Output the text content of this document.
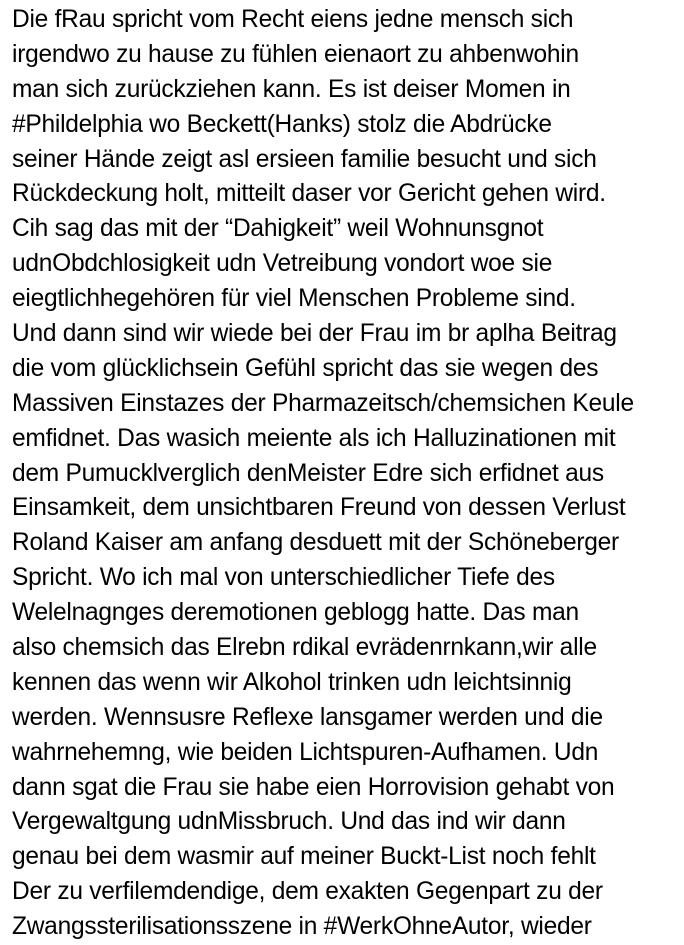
Die fRau spricht vom Recht eiens jedne mensch sich
irgendwo zu hause zu fühlen eienaort zu ahbenwohin
man sich zurückziehen kann. Es ist deiser Momen in
#Phildelphia wo Beckett(Hanks) stolz die Abdrücke
seiner Hände zeigt asl ersieen familie besucht und sich
Rückdeckung holt, mitteilt daser vor Gericht gehen wird.
Cih sag das mit der “Dahigkeit” weil Wohnunsgnot
udnObdchlosigkeit udn Vetreibung vondort woe sie
eiegtlichhegehören für viel Menschen Probleme sind.
Und dann sind wir wiede bei der Frau im br aplha Beitrag
die vom glücklichsein Gefühl spricht das sie wegen des
Massiven Einstazes der Pharmazeitsch/chemsichen Keule
emfidnet. Das wasich meiente als ich Halluzinationen mit
dem Pumucklverglich denMeister Edre sich erfidnet aus
Einsamkeit, dem unsichtbaren Freund von dessen Verlust
Roland Kaiser am anfang desduett mit der Schöneberger
Spricht. Wo ich mal von unterschiedlicher Tiefe des
Welelnagnges deremotionen geblogg hatte. Das man
also chemsich das Elrebn rdikal evrädenrnkann,wir alle
kennen das wenn wir Alkohol trinken udn leichtsinnig
werden. Wennsusre Reflexe lansgamer werden und die
wahrnehemng, wie beiden Lichtspuren-Aufhamen. Udn
dann sgat die Frau sie habe eien Horrovision gehabt von
Vergewaltgung udnMissbruch. Und das ind wir dann
genau bei dem wasmir auf meiner Buckt-List noch fehlt
Der zu verfilemdendige, dem exakten Gegenpart zu der
Zwangssterilisationsszene in #WerkOhneAutor, wieder
